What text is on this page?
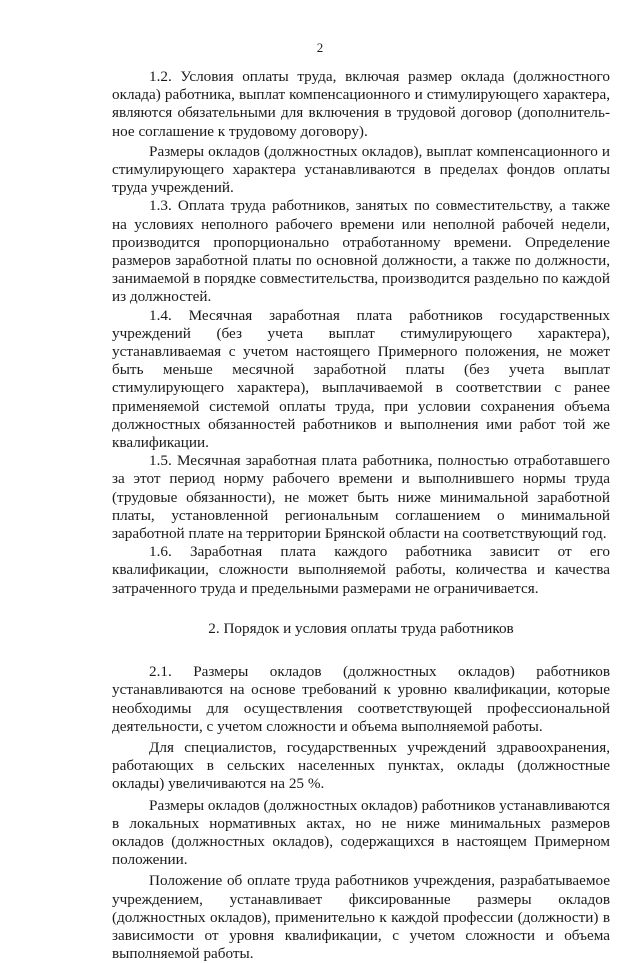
2

1.2. Условия оплаты труда, включая размер оклада (должностного оклада) работника, выплат компенсационного и стимулирующего характера, являются обязательными для включения в трудовой договор (дополнительное соглашение к трудовому договору).

Размеры окладов (должностных окладов), выплат компенсационного и стимулирующего характера устанавливаются в пределах фондов оплаты труда учреждений.

1.3. Оплата труда работников, занятых по совместительству, а также на условиях неполного рабочего времени или неполной рабочей недели, производится пропорционально отработанному времени. Определение размеров заработной платы по основной должности, а также по должности, занимаемой в порядке совместительства, производится раздельно по каждой из должностей.

1.4. Месячная заработная плата работников государственных учреждений (без учета выплат стимулирующего характера), устанавливаемая с учетом настоящего Примерного положения, не может быть меньше месячной заработной платы (без учета выплат стимулирующего характера), выплачиваемой в соответствии с ранее применяемой системой оплаты труда, при условии сохранения объема должностных обязанностей работников и выполнения ими работ той же квалификации.

1.5. Месячная заработная плата работника, полностью отработавшего за этот период норму рабочего времени и выполнившего нормы труда (трудовые обязанности), не может быть ниже минимальной заработной платы, установленной региональным соглашением о минимальной заработной плате на территории Брянской области на соответствующий год.

1.6. Заработная плата каждого работника зависит от его квалификации, сложности выполняемой работы, количества и качества затраченного труда и предельными размерами не ограничивается.

2. Порядок и условия оплаты труда работников

2.1. Размеры окладов (должностных окладов) работников устанавливаются на основе требований к уровню квалификации, которые необходимы для осуществления соответствующей профессиональной деятельности, с учетом сложности и объема выполняемой работы.

Для специалистов, государственных учреждений здравоохранения, работающих в сельских населенных пунктах, оклады (должностные оклады) увеличиваются на 25 %.

Размеры окладов (должностных окладов) работников устанавливаются в локальных нормативных актах, но не ниже минимальных размеров окладов (должностных окладов), содержащихся в настоящем Примерном положении.

Положение об оплате труда работников учреждения, разрабатываемое учреждением, устанавливает фиксированные размеры окладов (должностных окладов), применительно к каждой профессии (должности) в зависимости от уровня квалификации, с учетом сложности и объема выполняемой работы.
